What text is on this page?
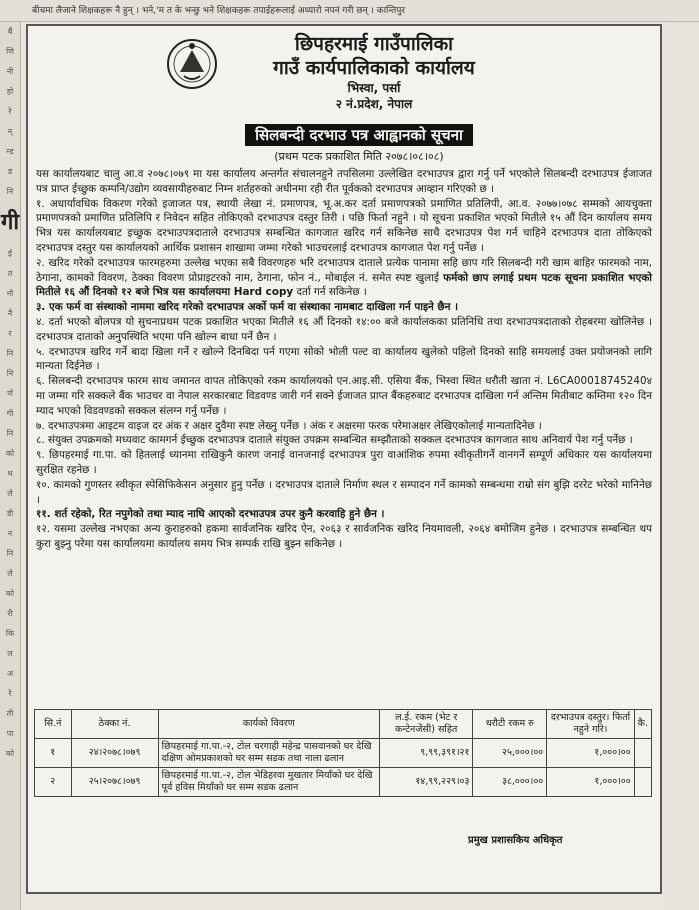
बीचमा लैजाने शिक्षकहरू नै हुन् । भने,'म त के भन्छु भने शिक्षकहरू तपाईहरूलाई अध्यारो नपनं गरी छन् । कान्तिपुर
बैं
णि
नी
हो
रे
न्
न्ड
ड
नि
गी
ई
त
नो
नै
र
नि
नि
र्ण
गी
नि
को
थ
ले
डी
न
नि
ले
को
री
कि
ल
अ
रे
ती
पा
को
छिपहरमाई गाउँपालिका
गाउँ कार्यपालिकाको कार्यालय
भिस्वा, पर्सा
२ नं.प्रदेश, नेपाल
सिलबन्दी दरभाउ पत्र आह्वानको सूचना
(प्रथम पटक प्रकाशित मिति २०७८।०८।०८)

यस कार्यालयबाट चालु आ.व २०७८।०७९ मा यस कार्यालय अन्तर्गत संचालनहुने तपसिलमा उल्लेखित दरभाउपत्र द्वारा गर्नु पर्ने भएकोले सिलबन्दी दरभाउपत्र ईजाजत पत्र प्राप्त ईच्छुक कम्पनि/उद्योग व्यवसायीहरुबाट निम्न शर्तहरुको अधीनमा रही रीत पूर्वकको दरभाउपत्र आव्हान गरिएको छ ।

१. अधार्यावधिक विकरण गरेको इजाजत पत्र, स्थायी लेखा नं. प्रमाणपत्र, भू.अ.कर दर्ता प्रमाणपत्रको प्रमाणित प्रतिलिपी, आ.व. २०७७।०७८ सम्मको आयचुक्ता प्रमाणपत्रको प्रमाणित प्रतिलिपि र निवेदन सहित तोकिएको दरभाउपत्र दस्तुर तिरी । पछि फिर्ता नहुने । यो सूचना प्रकाशित भएको मितीले १५ औं दिन कार्यालय समय भित्र यस कार्यालयबाट इच्छुक दरभाउपत्रदाताले दरभाउपत्र सम्बन्धित कागजात खरिद गर्न सकिनेछ साथै दरभाउपत्र पेश गर्न चाहिने दरभाउपत्र दाता तोकिएको दरभाउपत्र दस्तुर यस कार्यालयको आर्थिक प्रशासन शाखामा जम्मा गरेको भाउचरलाई दरभाउपत्र कागजात पेश गर्नु पर्नेछ ।

२. खरिद गरेको दरभाउपत्र फारमहरुमा उल्लेख भएका सबै विवरणहरु भरि दरभाउपत्र दाताले प्रत्येक पानामा सहि छाप गरि सिलबन्दी गरी खाम बाहिर फारमको नाम, ठेगाना, कामको विवरण, ठेक्का विवरण प्रोप्राइटरको नाम, ठेगाना, फोन नं., मोबाईल नं. समेत स्पष्ट खुलाई फर्मको छाप लगाई प्रथम पटक सूचना प्रकाशित भएको मितीले १६ औं दिनको १२ बजे भित्र यस कार्यालयमा Hard copy दर्ता गर्न सकिनेछ ।

३. एक फर्म वा संस्थाको नाममा खरिद गरेको दरभाउपत्र अर्को फर्म वा संस्थाका नामबाट दाखिला गर्न पाइने छैन ।

४. दर्ता भएको बोलपत्र यो सुचनाप्रथम पटक प्रकाशित भएका मितीले १६ औं दिनको १४:०० बजे कार्यालकका प्रतिनिधि तथा दरभाउपत्रदाताको रोहबरमा खोलिनेछ । दरभाउपत्र दाताको अनुपस्थिति भएमा पनि खोल्न बाधा पर्ने छैन ।

५. दरभाउपत्र खरिद गर्ने बादा खिला गर्ने र खोल्ने दिनबिदा पर्न गएमा सोको भोली पल्ट वा कार्यालय खुलेको पहिलो दिनको साहि समयलाई उक्त प्रयोजनको लागि मान्यता दिईनेछ ।

६. सिलबन्दी दरभाउपत्र फारम साथ जमानत वापत तोकिएको रकम कार्यालयको एन.आइ.सी. एसिया बैंक, भिस्वा स्थित धरौती खाता नं. L6CA00018745240४ मा जम्मा गरि सक्कले बैंक भाउचर वा नेपाल सरकारबाट विडवण्ड जारी गर्न सक्ने ईजाजत प्राप्त बैंकहरुबाट दरभाउपत्र दाखिला गर्न अन्तिम मितीबाट कम्तिमा १२० दिन म्याद भएको विडवण्डको सक्कल संलग्न गर्नु पर्नेछ ।

७. दरभाउपत्रमा आइटम वाइज दर अंक र अक्षर दुवैमा स्पष्ट लेख्नु पर्नेछ । अंक र अक्षरमा फरक परेमाअक्षर लेखिएकोलाई मान्यतादिनेछ ।

८. संयुक्त उपक्रमको मध्यवाट कामगर्न ईच्छुक दरभाउपत्र दाताले संयुक्त उपक्रम सम्बन्धित सम्झौताको सक्कल दरभाउपत्र कागजात साथ अनिवार्य पेश गर्नु पर्नेछ ।

९. छिपहरमाई गा.पा. को हितलाई ध्यानमा राखिकुनै कारण जनाई वानजनाई दरभाउपत्र पुरा वाआंशिक रुपमा स्वीकृतीगर्ने वानगर्ने सम्पूर्ण अधिकार यस कार्यालयमा सुरक्षित रहनेछ ।

१०. कामको गुणस्तर स्वीकृत स्पेसिफिकेसन अनुसार हुनु पर्नेछ । दरभाउपत्र दाताले निर्माण स्थल र सम्पादन गर्ने कामको सम्बन्धमा राम्रो संग बुझि दररेट भरेको मानिनेछ ।

११. शर्त रहेको, रित नपुगेको तथा म्याद नाघि आएको दरभाउपत्र उपर कुनै करवाहि हुने छैन ।

१२. यसमा उल्लेख नभएका अन्य कुराहरुको हकमा सार्वजनिक खरिद ऐन, २०६३ र सार्वजनिक खरिद नियमावली, २०६४ बमोजिम हुनेछ । दरभाउपत्र सम्बन्धित थप कुरा बुझ्नु परेमा यस कार्यालयमा कार्यालय समय भित्र सम्पर्क राखि बुझ्न सकिनेछ ।

सि.नं	ठेक्का नं.	कार्यको विवरण	ल.ई. रकम (भेट र कन्टेनजेंसी) सहित	धरौटी रकम रु	दरभाउपत्र दस्तुर। फिर्ता नहुने गरि।	कै.
१	२४।२०७८।०७९	छिपहरमाई गा.पा.-२, टोल चरगाही महेन्द्र पासवानको घर देखि दक्षिण ओमप्रकाशको घर सम्म सडक तथा नाला ढलान	९,९९,३९१।२१	२५,०००।००	१,०००।००	
२	२५।२०७८।०७९	छिपहरमाई गा.पा.-२, टोल भेडिहरवा मुखतार मियाँको घर देखि पूर्व हविस मियाँको घर सम्म सडक ढलान	१४,९९,२२९।०३	३८,०००।००	१,०००।००	
प्रमुख प्रशासकिय अधिकृत
